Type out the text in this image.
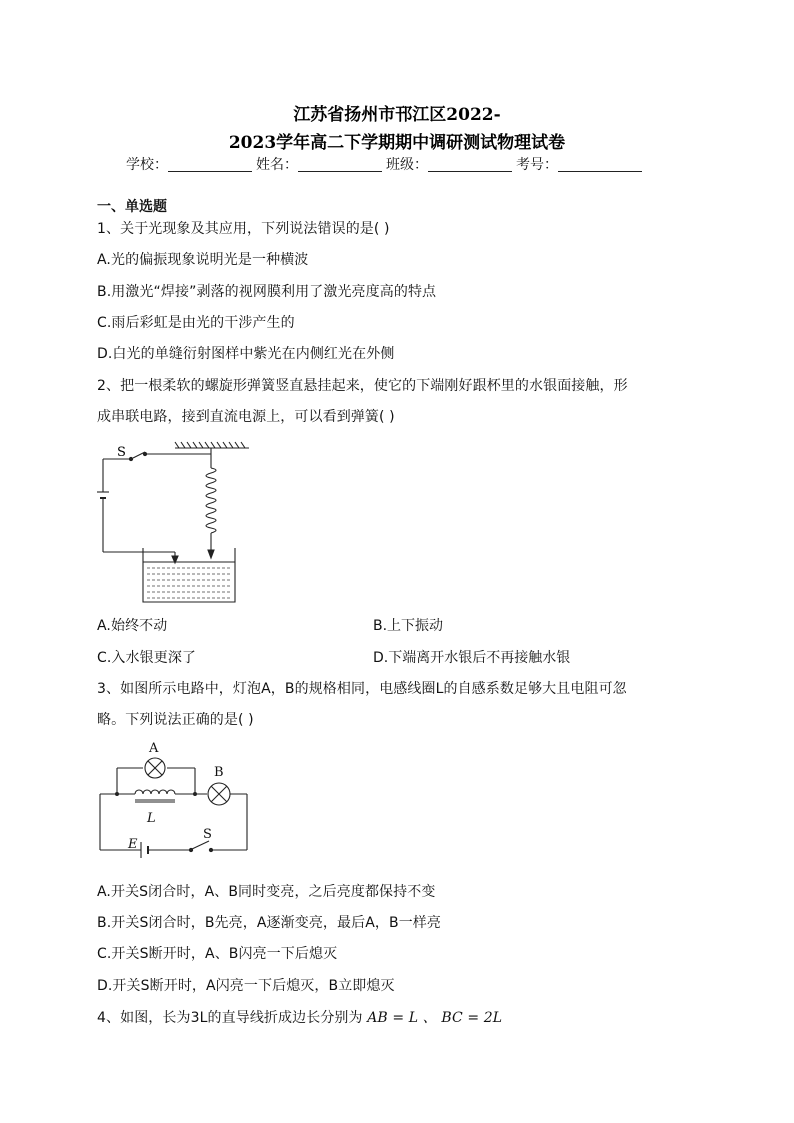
江苏省扬州市邗江区2022-
2023学年高二下学期期中调研测试物理试卷
学校：	姓名：	班级：	考号：
一、单选题
1、关于光现象及其应用，下列说法错误的是( )
A.光的偏振现象说明光是一种横波
B.用激光“焊接”剥落的视网膜利用了激光亮度高的特点
C.雨后彩虹是由光的干涉产生的
D.白光的单缝衍射图样中紫光在内侧红光在外侧
2、把一根柔软的螺旋形弹簧竖直悬挂起来，使它的下端刚好跟杯里的水银面接触，形
成串联电路，接到直流电源上，可以看到弹簧( )
S
A.始终不动	B.上下振动
C.入水银更深了	D.下端离开水银后不再接触水银
3、如图所示电路中，灯泡A，B的规格相同，电感线圈L的自感系数足够大且电阻可忽
略。下列说法正确的是( )
A
B
L
E
S
A.开关S闭合时，A、B同时变亮，之后亮度都保持不变
B.开关S闭合时，B先亮，A逐渐变亮，最后A，B一样亮
C.开关S断开时，A、B闪亮一下后熄灭
D.开关S断开时，A闪亮一下后熄灭，B立即熄灭
4、如图，长为3L的直导线折成边长分别为 AB = L 、 BC = 2L
